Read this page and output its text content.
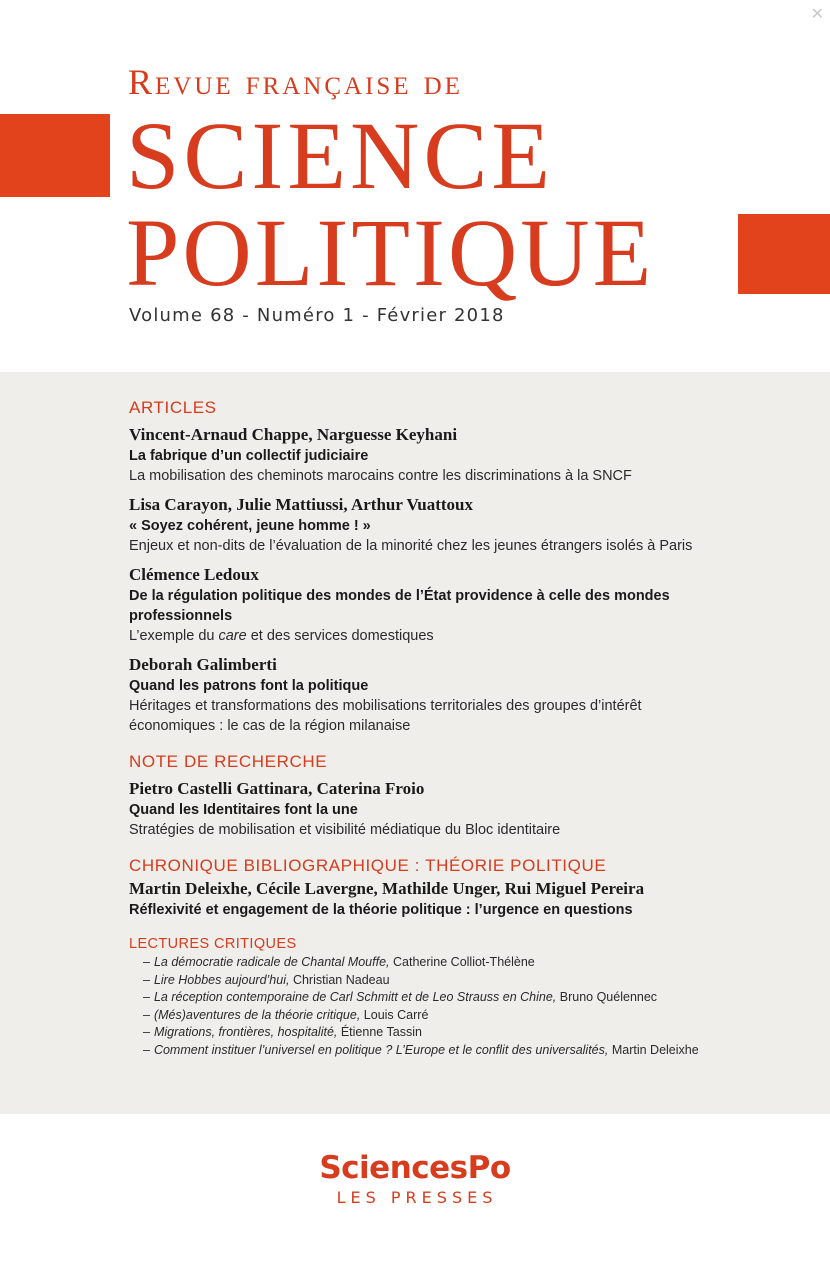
✕
Revue française de
SCIENCE
POLITIQUE
Volume 68 - Numéro 1 - Février 2018
ARTICLES
Vincent-Arnaud Chappe, Narguesse Keyhani
La fabrique d’un collectif judiciaire
La mobilisation des cheminots marocains contre les discriminations à la SNCF
Lisa Carayon, Julie Mattiussi, Arthur Vuattoux
« Soyez cohérent, jeune homme ! »
Enjeux et non-dits de l’évaluation de la minorité chez les jeunes étrangers isolés à Paris
Clémence Ledoux
De la régulation politique des mondes de l’État providence à celle des mondes professionnels
L’exemple du care et des services domestiques
Deborah Galimberti
Quand les patrons font la politique
Héritages et transformations des mobilisations territoriales des groupes d’intérêt économiques : le cas de la région milanaise
NOTE DE RECHERCHE
Pietro Castelli Gattinara, Caterina Froio
Quand les Identitaires font la une
Stratégies de mobilisation et visibilité médiatique du Bloc identitaire
CHRONIQUE BIBLIOGRAPHIQUE : THÉORIE POLITIQUE
Martin Deleixhe, Cécile Lavergne, Mathilde Unger, Rui Miguel Pereira
Réflexivité et engagement de la théorie politique : l’urgence en questions
LECTURES CRITIQUES
– La démocratie radicale de Chantal Mouffe, Catherine Colliot-Thélène
– Lire Hobbes aujourd’hui, Christian Nadeau
– La réception contemporaine de Carl Schmitt et de Leo Strauss en Chine, Bruno Quélennec
– (Més)aventures de la théorie critique, Louis Carré
– Migrations, frontières, hospitalité, Étienne Tassin
– Comment instituer l’universel en politique ? L’Europe et le conflit des universalités, Martin Deleixhe
SciencesPo
LES PRESSES
